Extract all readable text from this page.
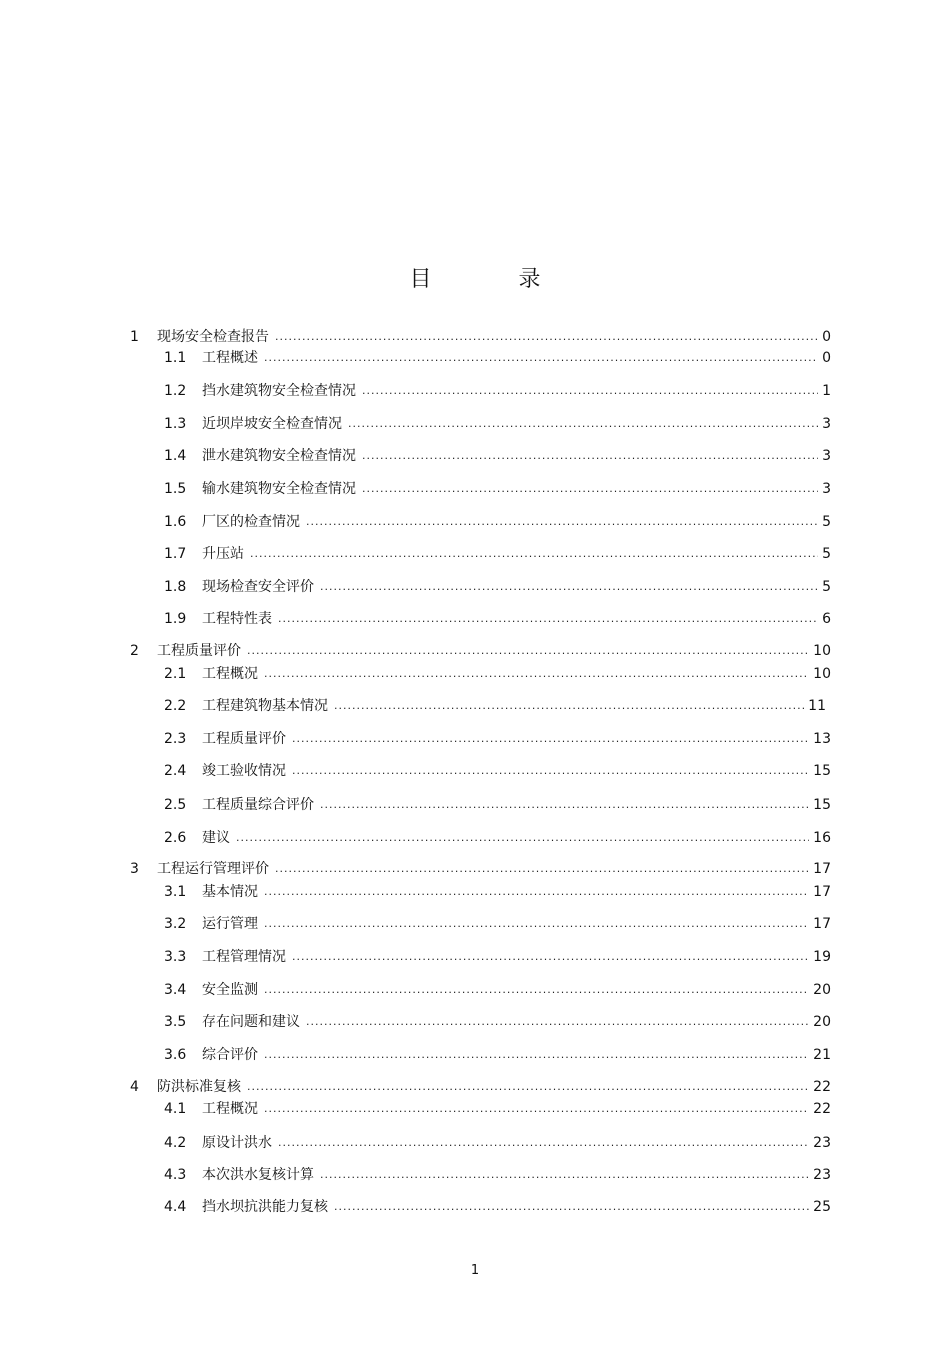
目 录
1	现场安全检查报告 .....	0
1.1	工程概述 .....	0
1.2	挡水建筑物安全检查情况 .....	1
1.3	近坝岸坡安全检查情况 .....	3
1.4	泄水建筑物安全检查情况 .....	3
1.5	输水建筑物安全检查情况 .....	3
1.6	厂区的检查情况 .....	5
1.7	升压站 .....	5
1.8	现场检查安全评价 .....	5
1.9	工程特性表 .....	6
2	工程质量评价 .....	10
2.1	工程概况 .....	10
2.2	工程建筑物基本情况 .....	11
2.3	工程质量评价 .....	13
2.4	竣工验收情况 .....	15
2.5	工程质量综合评价 .....	15
2.6	建议 .....	16
3	工程运行管理评价 .....	17
3.1	基本情况 .....	17
3.2	运行管理 .....	17
3.3	工程管理情况 .....	19
3.4	安全监测 .....	20
3.5	存在问题和建议 .....	20
3.6	综合评价 .....	21
4	防洪标准复核 .....	22
4.1	工程概况 .....	22
4.2	原设计洪水 .....	23
4.3	本次洪水复核计算 .....	23
4.4	挡水坝抗洪能力复核 .....	25
1
